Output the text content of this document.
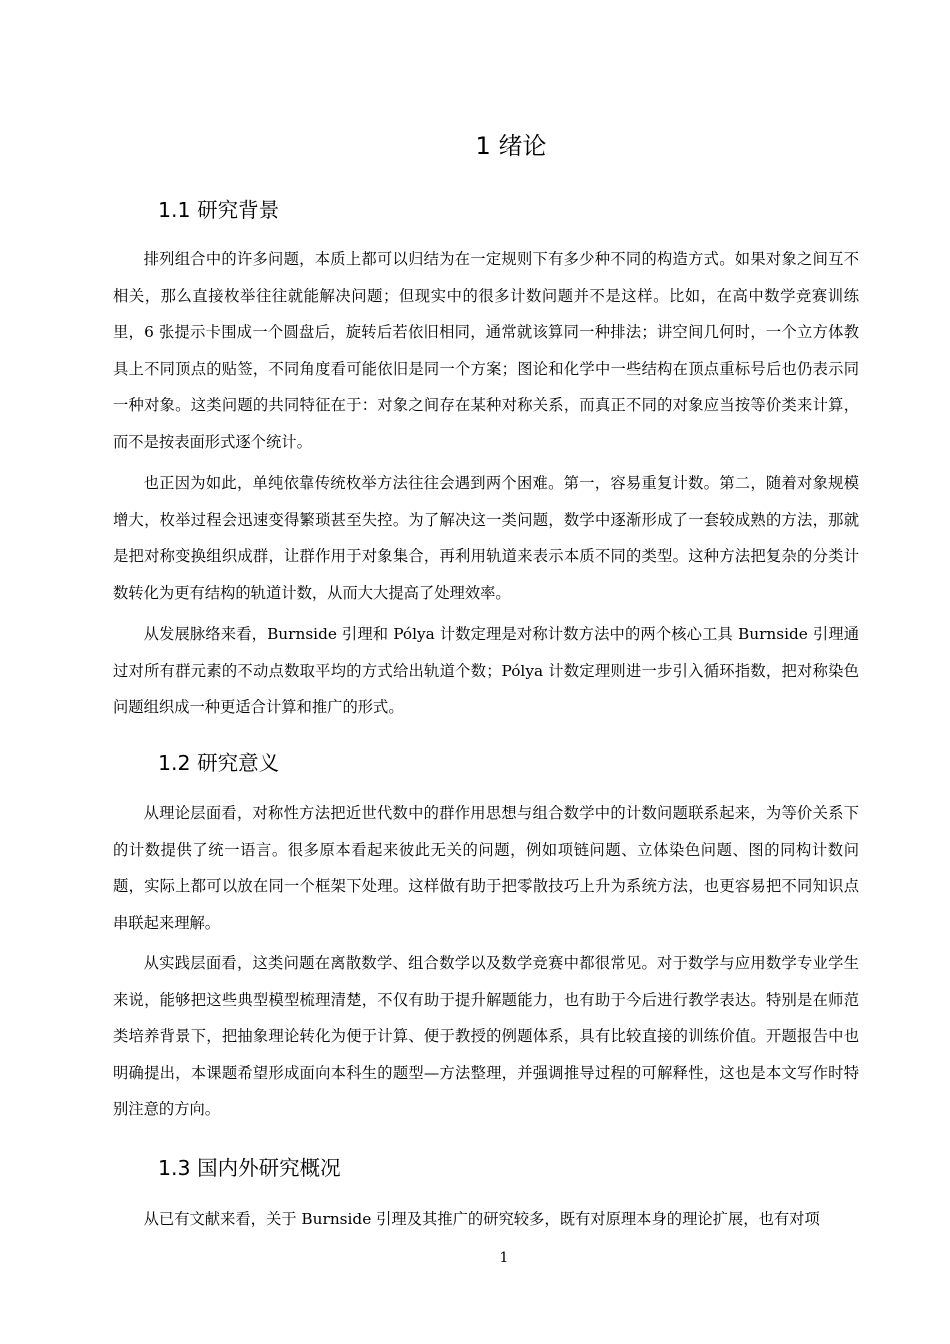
1 绪论
1.1 研究背景

排列组合中的许多问题，本质上都可以归结为在一定规则下有多少种不同的构造方式。如果对象之间互不相关，那么直接枚举往往就能解决问题；但现实中的很多计数问题并不是这样。比如，在高中数学竞赛训练里，6 张提示卡围成一个圆盘后，旋转后若依旧相同，通常就该算同一种排法；讲空间几何时，一个立方体教具上不同顶点的贴签，不同角度看可能依旧是同一个方案；图论和化学中一些结构在顶点重标号后也仍表示同一种对象。这类问题的共同特征在于：对象之间存在某种对称关系，而真正不同的对象应当按等价类来计算，而不是按表面形式逐个统计。

也正因为如此，单纯依靠传统枚举方法往往会遇到两个困难。第一，容易重复计数。第二，随着对象规模增大，枚举过程会迅速变得繁琐甚至失控。为了解决这一类问题，数学中逐渐形成了一套较成熟的方法，那就是把对称变换组织成群，让群作用于对象集合，再利用轨道来表示本质不同的类型。这种方法把复杂的分类计数转化为更有结构的轨道计数，从而大大提高了处理效率。

从发展脉络来看，Burnside 引理和 Pólya 计数定理是对称计数方法中的两个核心工具 Burnside 引理通过对所有群元素的不动点数取平均的方式给出轨道个数；Pólya 计数定理则进一步引入循环指数，把对称染色问题组织成一种更适合计算和推广的形式。

1.2 研究意义

从理论层面看，对称性方法把近世代数中的群作用思想与组合数学中的计数问题联系起来，为等价关系下的计数提供了统一语言。很多原本看起来彼此无关的问题，例如项链问题、立体染色问题、图的同构计数问题，实际上都可以放在同一个框架下处理。这样做有助于把零散技巧上升为系统方法，也更容易把不同知识点串联起来理解。

从实践层面看，这类问题在离散数学、组合数学以及数学竞赛中都很常见。对于数学与应用数学专业学生来说，能够把这些典型模型梳理清楚，不仅有助于提升解题能力，也有助于今后进行教学表达。特别是在师范类培养背景下，把抽象理论转化为便于计算、便于教授的例题体系，具有比较直接的训练价值。开题报告中也明确提出，本课题希望形成面向本科生的题型—方法整理，并强调推导过程的可解释性，这也是本文写作时特别注意的方向。

1.3 国内外研究概况

从已有文献来看，关于 Burnside 引理及其推广的研究较多，既有对原理本身的理论扩展，也有对项

1
